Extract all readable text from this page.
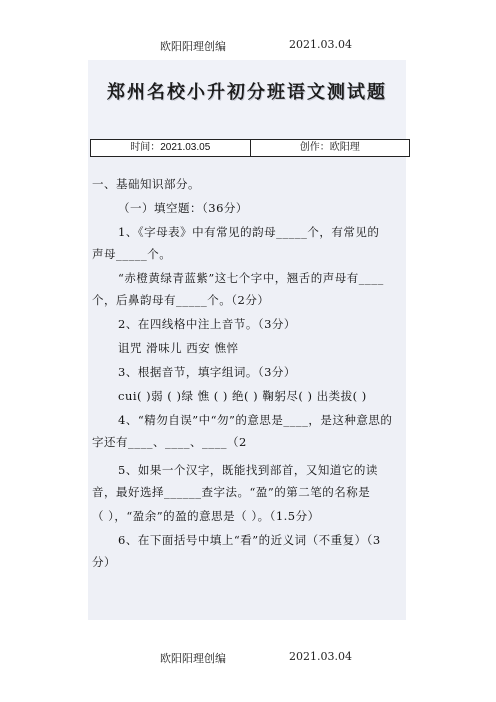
欧阳阳理创编	2021.03.04
郑州名校小升初分班语文测试题
时间：2021.03.05	创作：欧阳理
一、基础知识部分。
（一）填空题：（36分）
1、《字母表》中有常见的韵母_____个，有常见的
声母_____个。
“赤橙黄绿青蓝紫”这七个字中，翘舌的声母有____
个，后鼻韵母有_____个。（2分）
2、在四线格中注上音节。（3分）
诅咒 滑味儿 西安 憔悴
3、根据音节，填字组词。（3分）
cui( )弱 ( )绿 憔 ( ) 绝( ) 鞠躬尽( ) 出类拔( )
4、“精勿自误”中“勿”的意思是____，是这种意思的
字还有____、____、____（2
5、如果一个汉字，既能找到部首，又知道它的读
音，最好选择______查字法。“盈”的第二笔的名称是
（ ），“盈余”的盈的意思是（ ）。（1.5分）
6、在下面括号中填上“看”的近义词（不重复）（3
分）
欧阳阳理创编	2021.03.04
